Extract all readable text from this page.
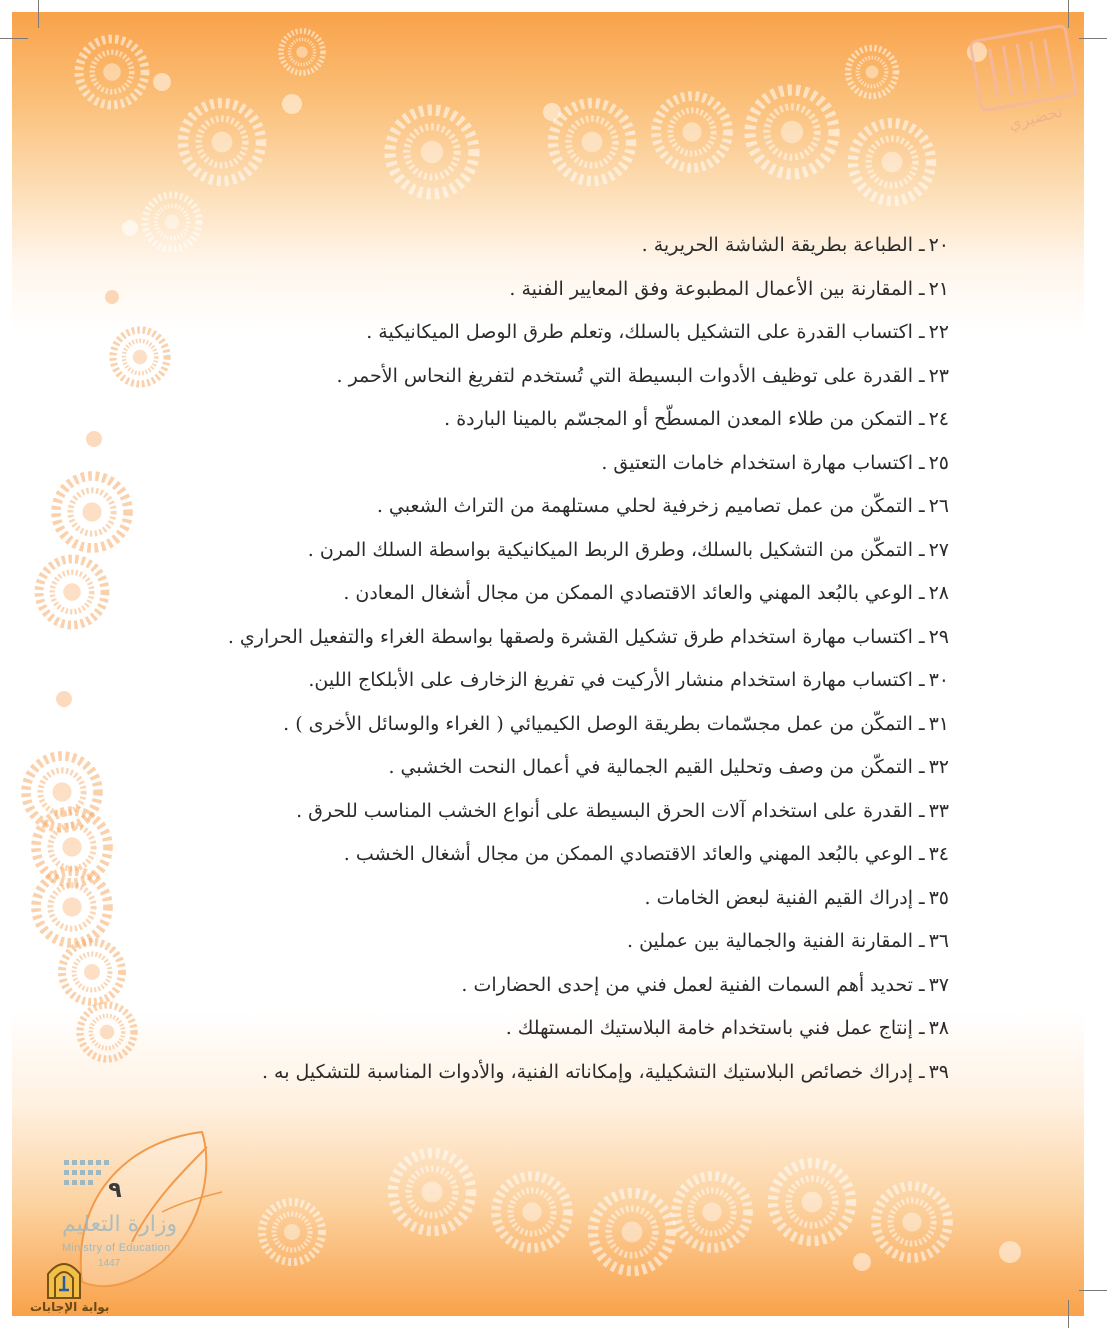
٢٠ـ الطباعة بطريقة الشاشة الحريرية .
٢١ـ المقارنة بين الأعمال المطبوعة وفق المعايير الفنية .
٢٢ـ اكتساب القدرة على التشكيل بالسلك، وتعلم طرق الوصل الميكانيكية .
٢٣ـ القدرة على توظيف الأدوات البسيطة التي تُستخدم لتفريغ النحاس الأحمر .
٢٤ـ التمكن من طلاء المعدن المسطّح أو المجسّم بالمينا الباردة .
٢٥ـ اكتساب مهارة استخدام خامات التعتيق .
٢٦ـ التمكّن من عمل تصاميم زخرفية لحلي مستلهمة من التراث الشعبي .
٢٧ـ التمكّن من التشكيل بالسلك، وطرق الربط الميكانيكية بواسطة السلك المرن .
٢٨ـ الوعي بالبُعد المهني والعائد الاقتصادي الممكن من مجال أشغال المعادن .
٢٩ـ اكتساب مهارة استخدام طرق تشكيل القشرة ولصقها بواسطة الغراء والتفعيل الحراري .
٣٠ـ اكتساب مهارة استخدام منشار الأركيت في تفريغ الزخارف على الأبلكاج اللين.
٣١ـ التمكّن من عمل مجسّمات بطريقة الوصل الكيميائي ( الغراء والوسائل الأخرى ) .
٣٢ـ التمكّن من وصف وتحليل القيم الجمالية في أعمال النحت الخشبي .
٣٣ـ القدرة على استخدام آلات الحرق البسيطة على أنواع الخشب المناسب للحرق .
٣٤ـ الوعي بالبُعد المهني والعائد الاقتصادي الممكن من مجال أشغال الخشب .
٣٥ـ إدراك القيم الفنية لبعض الخامات .
٣٦ـ المقارنة الفنية والجمالية بين عملين .
٣٧ـ تحديد أهم السمات الفنية لعمل فني من إحدى الحضارات .
٣٨ـ إنتاج عمل فني باستخدام خامة البلاستيك المستهلك .
٣٩ـ إدراك خصائص البلاستيك التشكيلية، وإمكاناته الفنية، والأدوات المناسبة للتشكيل به .
تحضيري
٩
وزارة التعليم
Ministry of Education
1447
بوابة الإجابات
